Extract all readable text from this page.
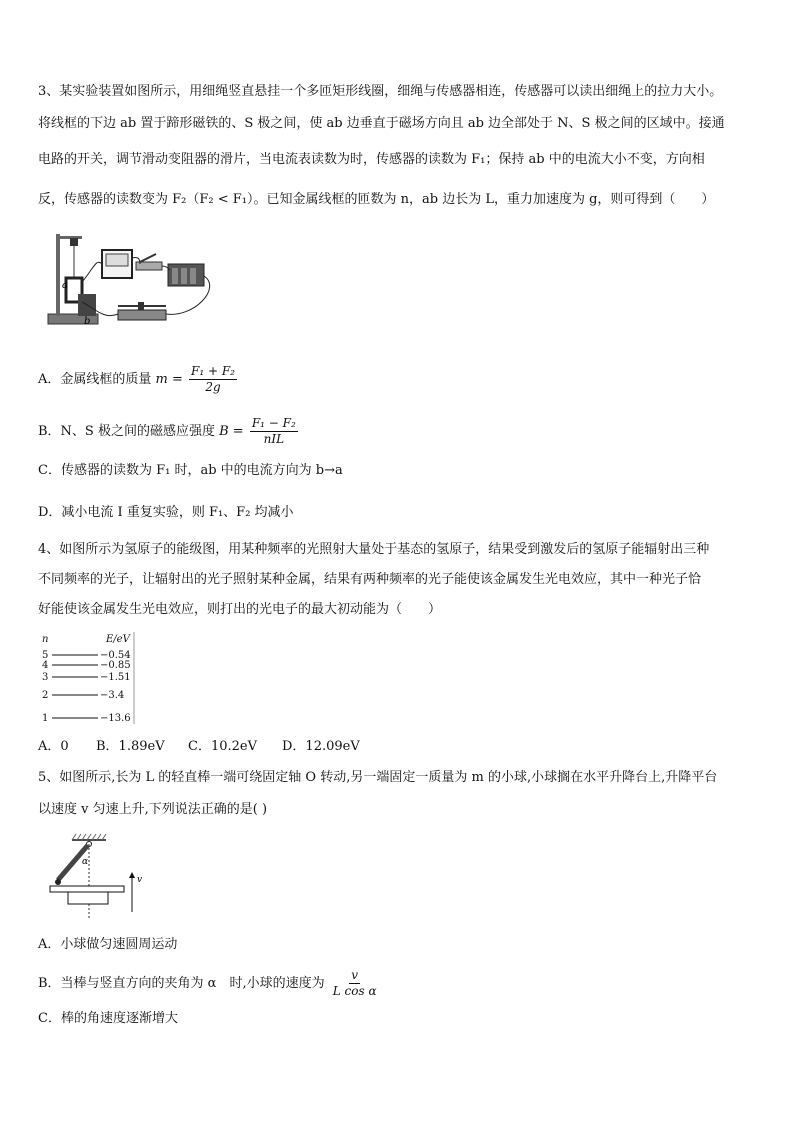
3、某实验装置如图所示，用细绳竖直悬挂一个多匝矩形线圈，细绳与传感器相连，传感器可以读出细绳上的拉力大小。
将线框的下边 ab 置于蹄形磁铁的、S 极之间，使 ab 边垂直于磁场方向且 ab 边全部处于 N、S 极之间的区域中。接通
电路的开关，调节滑动变阻器的滑片，当电流表读数为时，传感器的读数为 F₁；保持 ab 中的电流大小不变，方向相
反，传感器的读数变为 F₂（F₂ < F₁）。已知金属线框的匝数为 n，ab 边长为 L，重力加速度为 g，则可得到（　　）
a
b
A．金属线框的质量 $m = \frac{\text{F₁ + F₂}}{2g}$
B．N、S 极之间的磁感应强度 $B = \frac{\text{F₁ − F₂}}{\text{nIL}}$
C．传感器的读数为 F₁ 时，ab 中的电流方向为 b→a
D．减小电流 I 重复实验，则 F₁、F₂ 均减小
4、如图所示为氢原子的能级图，用某种频率的光照射大量处于基态的氢原子，结果受到激发后的氢原子能辐射出三种
不同频率的光子，让辐射出的光子照射某种金属，结果有两种频率的光子能使该金属发生光电效应，其中一种光子恰
好能使该金属发生光电效应，则打出的光电子的最大初动能为（　　）
n	E/eV
5	−0.54
4	−0.85
3	−1.51
2	−3.4
1	−13.6
A．0 B．1.89eV C．10.2eV D．12.09eV
5、如图所示,长为 L 的轻直棒一端可绕固定轴 O 转动,另一端固定一质量为 m 的小球,小球搁在水平升降台上,升降平台
以速度 v 匀速上升,下列说法正确的是( )
α
v
A．小球做匀速圆周运动
B．当棒与竖直方向的夹角为 α　时,小球的速度为 $\frac{v}{\text{L cos α}}$
C．棒的角速度逐渐增大
